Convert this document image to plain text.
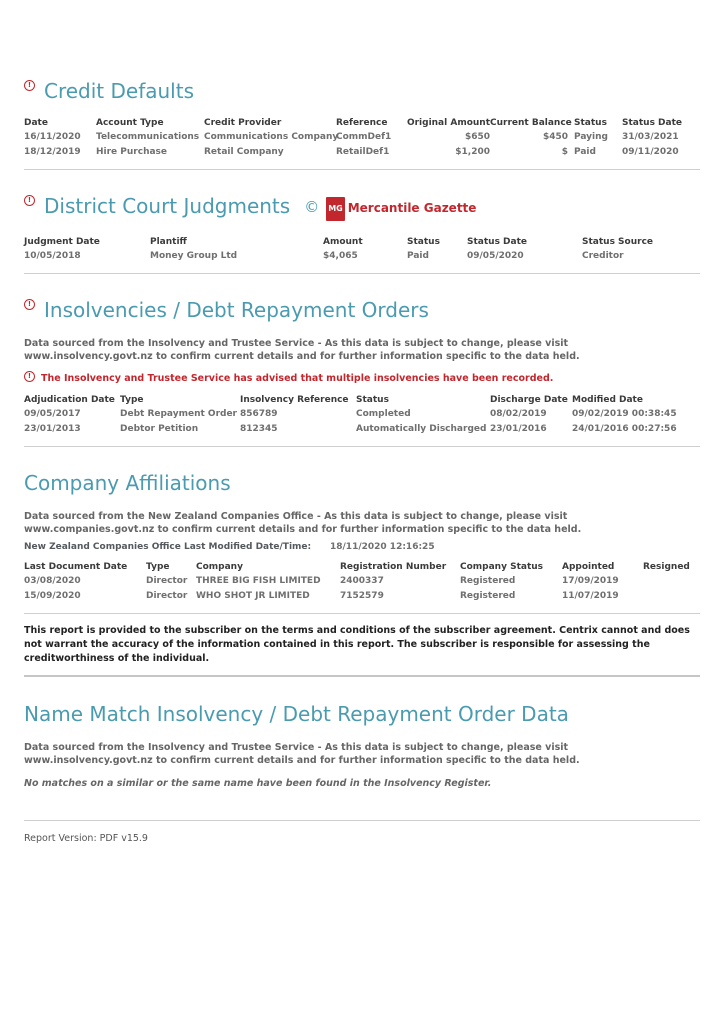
!Credit Defaults
Date	Account Type	Credit Provider	Reference	Original Amount	Current Balance	Status	Status Date
16/11/2020	Telecommunications	Communications Company	CommDef1	$650	$450	Paying	31/03/2021
18/12/2019	Hire Purchase	Retail Company	RetailDef1	$1,200	$	Paid	09/11/2020
!District Court Judgments © MG Mercantile Gazette
Judgment Date	Plantiff	Amount	Status	Status Date	Status Source
10/05/2018	Money Group Ltd	$4,065	Paid	09/05/2020	Creditor
!Insolvencies / Debt Repayment Orders

Data sourced from the Insolvency and Trustee Service - As this data is subject to change, please visit www.insolvency.govt.nz to confirm current details and for further information specific to the data held.

!The Insolvency and Trustee Service has advised that multiple insolvencies have been recorded.

Adjudication Date	Type	Insolvency Reference	Status	Discharge Date	Modified Date
09/05/2017	Debt Repayment Order	856789	Completed	08/02/2019	09/02/2019 00:38:45
23/01/2013	Debtor Petition	812345	Automatically Discharged	23/01/2016	24/01/2016 00:27:56
Company Affiliations

Data sourced from the New Zealand Companies Office - As this data is subject to change, please visit www.companies.govt.nz to confirm current details and for further information specific to the data held.

New Zealand Companies Office Last Modified Date/Time: 18/11/2020 12:16:25
Last Document Date	Type	Company	Registration Number	Company Status	Appointed	Resigned
03/08/2020	Director	THREE BIG FISH LIMITED	2400337	Registered	17/09/2019	
15/09/2020	Director	WHO SHOT JR LIMITED	7152579	Registered	11/07/2019	

This report is provided to the subscriber on the terms and conditions of the subscriber agreement. Centrix cannot and does not warrant the accuracy of the information contained in this report. The subscriber is responsible for assessing the creditworthiness of the individual.

Name Match Insolvency / Debt Repayment Order Data

Data sourced from the Insolvency and Trustee Service - As this data is subject to change, please visit www.insolvency.govt.nz to confirm current details and for further information specific to the data held.

No matches on a similar or the same name have been found in the Insolvency Register.

Report Version: PDF v15.9
